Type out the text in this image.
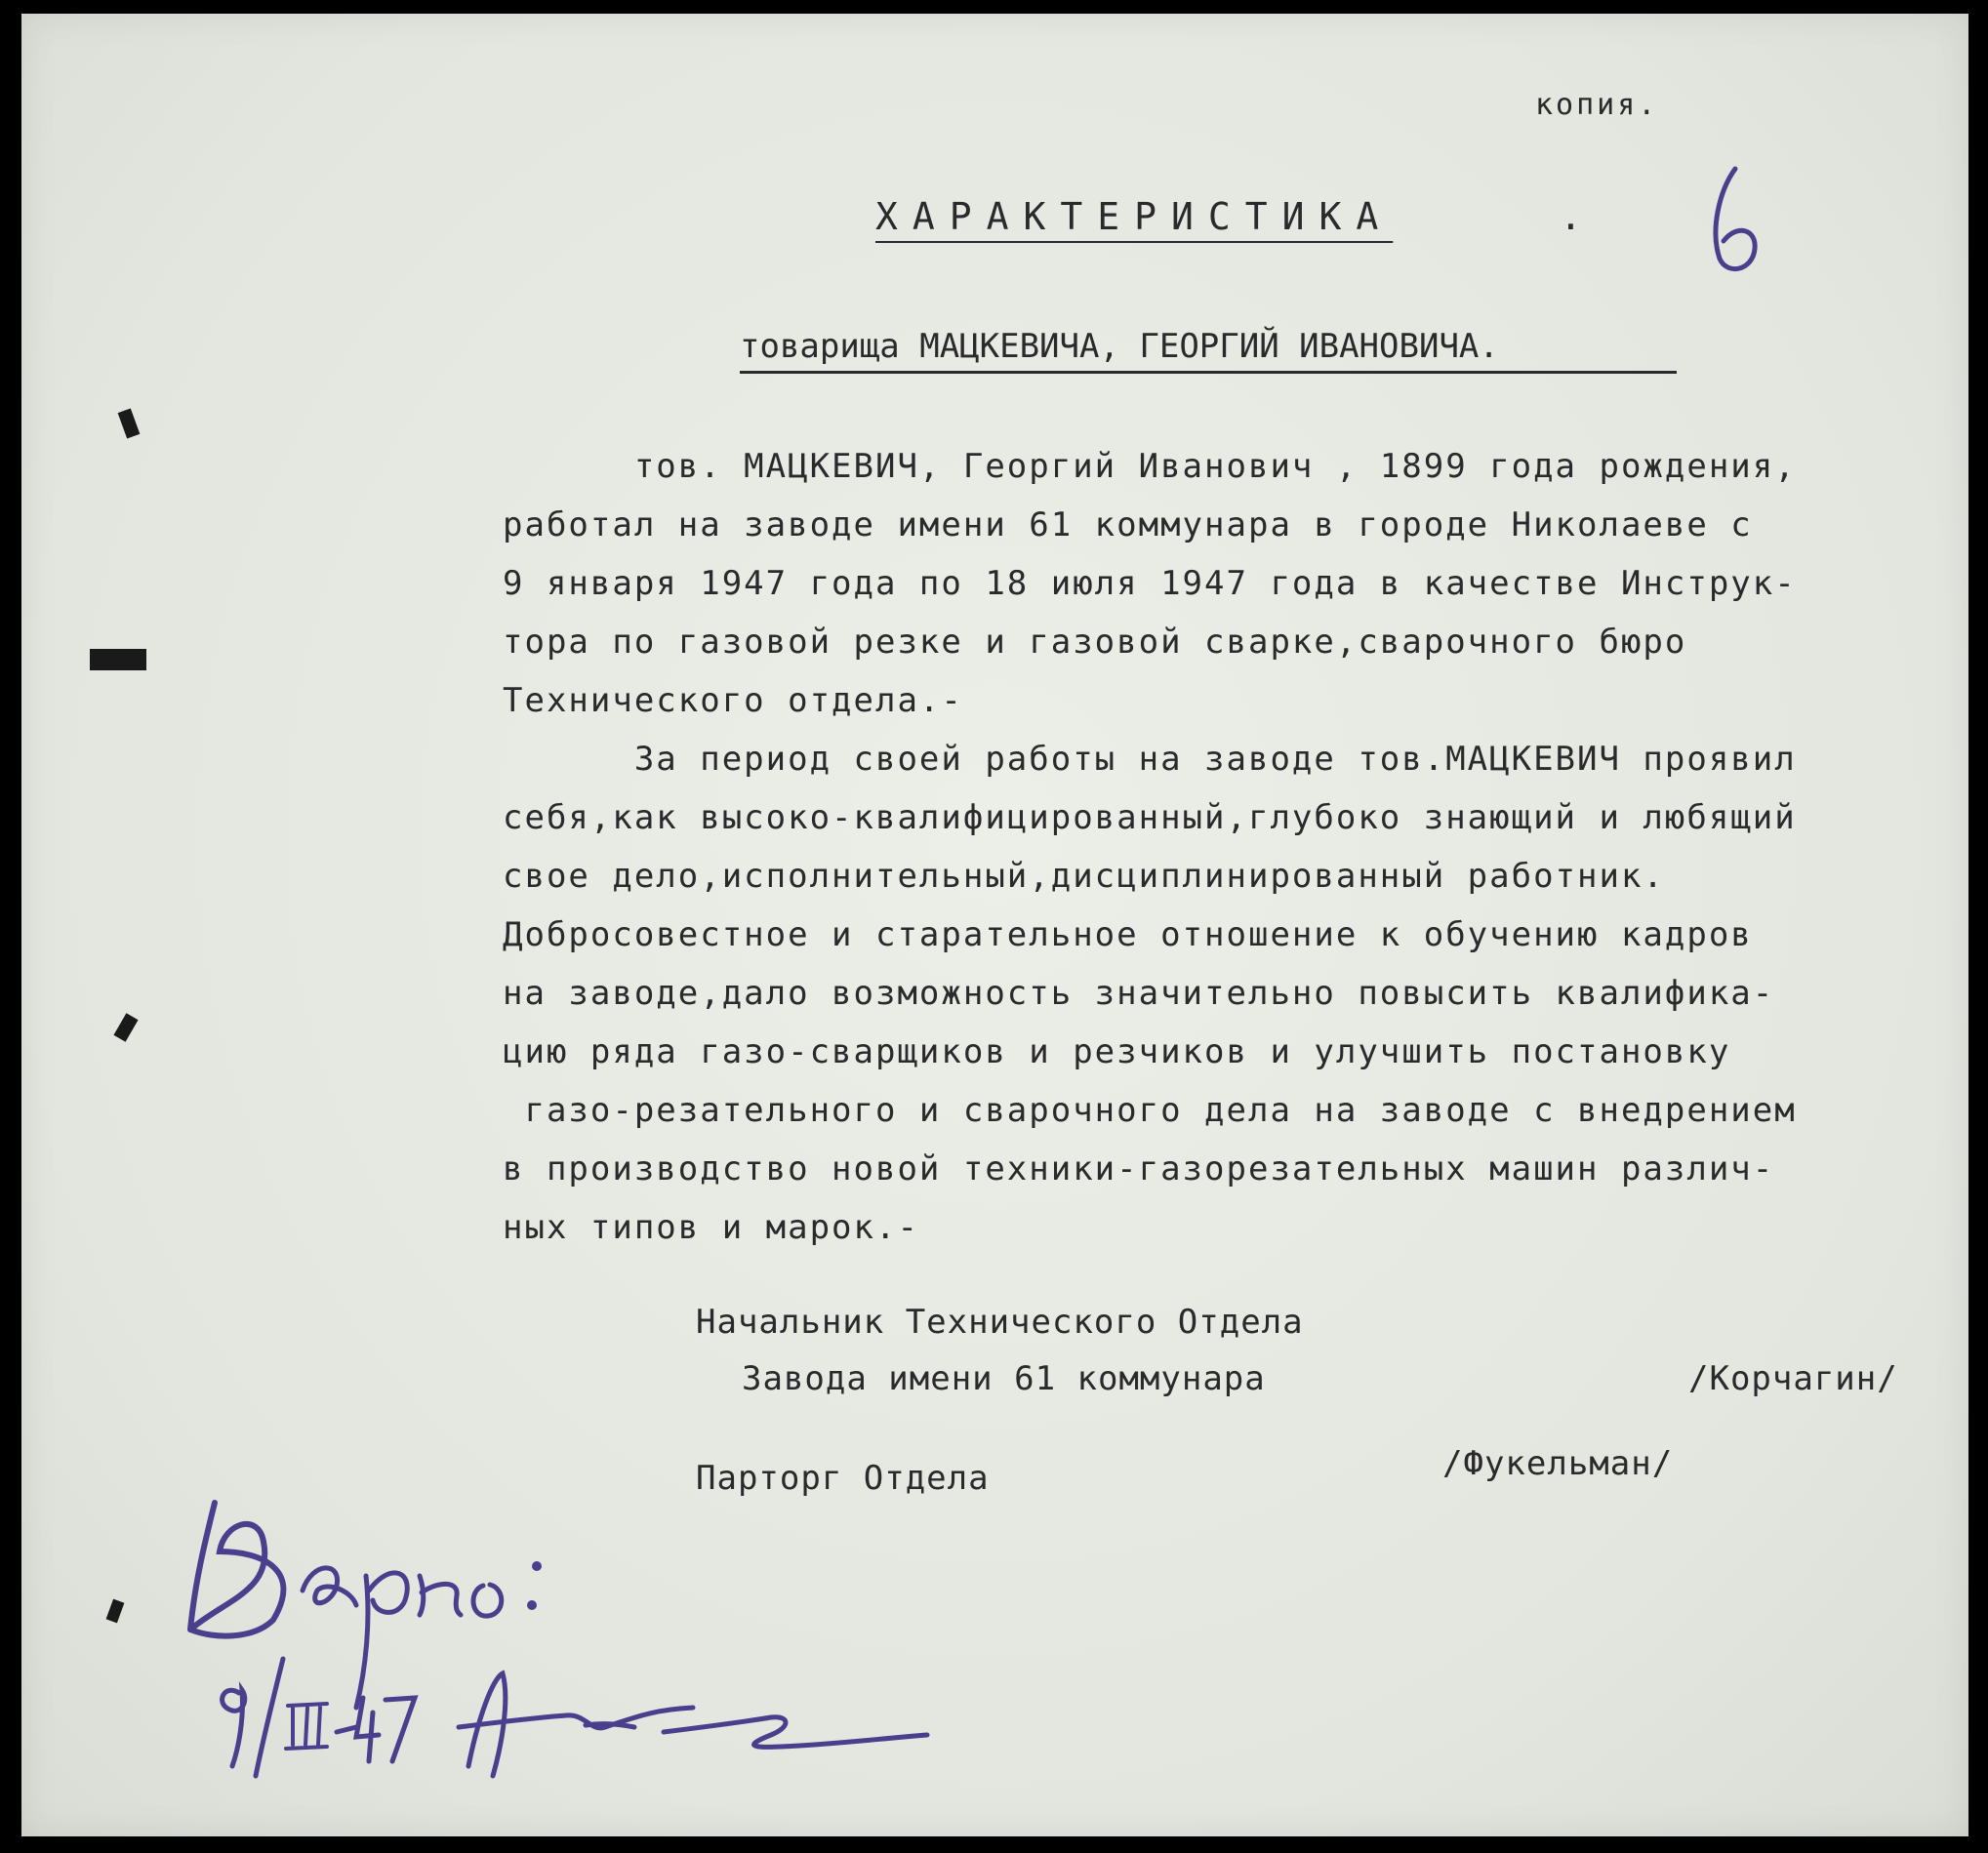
копия.
ХАРАКТЕРИСТИКА	.
товарища МАЦКЕВИЧА, ГЕОРГИЙ ИВАНОВИЧА.
тов. МАЦКЕВИЧ, Георгий Иванович , 1899 года рождения,
работал на заводе имени 61 коммунара в городе Николаеве с
9 января 1947 года по 18 июля 1947 года в качестве Инструк-
тора по газовой резке и газовой сварке,сварочного бюро
Технического отдела.-
За период своей работы на заводе тов.МАЦКЕВИЧ проявил
себя,как высоко-квалифицированный,глубоко знающий и любящий
свое дело,исполнительный,дисциплинированный работник.
Добросовестное и старательное отношение к обучению кадров
на заводе,дало возможность значительно повысить квалифика-
цию ряда газо-сварщиков и резчиков и улучшить постановку
газо-резательного и сварочного дела на заводе с внедрением
в производство новой техники-газорезательных машин различ-
ных типов и марок.-
Начальник Технического Отдела
Завода имени 61 коммунара	/Корчагин/
Парторг Отдела	/Фукельман/
